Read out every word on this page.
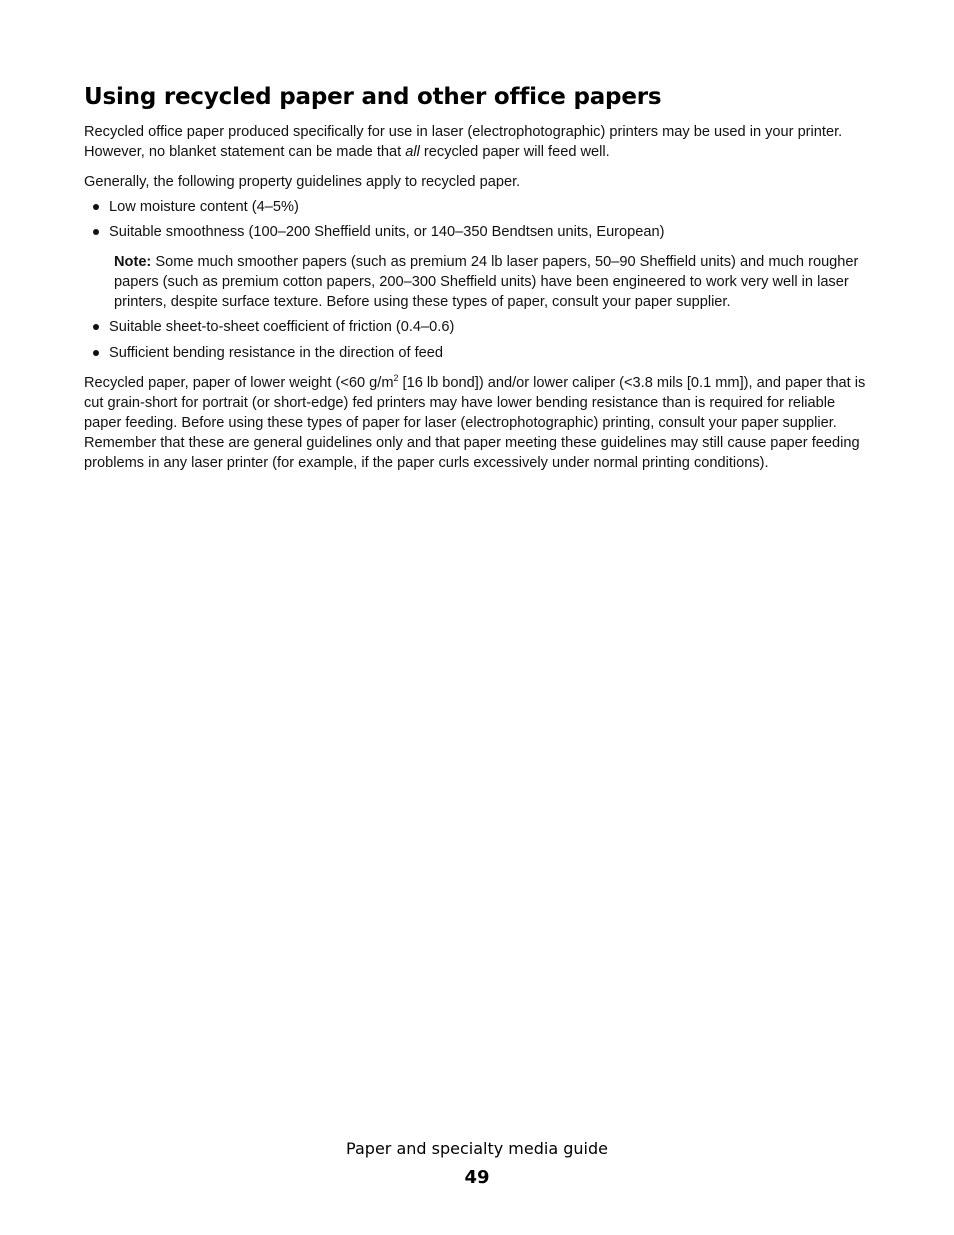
Using recycled paper and other office papers

Recycled office paper produced specifically for use in laser (electrophotographic) printers may be used in your printer. However, no blanket statement can be made that all recycled paper will feed well.

Generally, the following property guidelines apply to recycled paper.

Low moisture content (4–5%)
Suitable smoothness (100–200 Sheffield units, or 140–350 Bendtsen units, European)

Note: Some much smoother papers (such as premium 24 lb laser papers, 50–90 Sheffield units) and much rougher papers (such as premium cotton papers, 200–300 Sheffield units) have been engineered to work very well in laser printers, despite surface texture. Before using these types of paper, consult your paper supplier.

Suitable sheet-to-sheet coefficient of friction (0.4–0.6)
Sufficient bending resistance in the direction of feed

Recycled paper, paper of lower weight (<60 $g/m^2$ [16 lb bond]) and/or lower caliper (<3.8 mils [0.1 mm]), and paper that is cut grain-short for portrait (or short-edge) fed printers may have lower bending resistance than is required for reliable paper feeding. Before using these types of paper for laser (electrophotographic) printing, consult your paper supplier. Remember that these are general guidelines only and that paper meeting these guidelines may still cause paper feeding problems in any laser printer (for example, if the paper curls excessively under normal printing conditions).

Paper and specialty media guide
49
